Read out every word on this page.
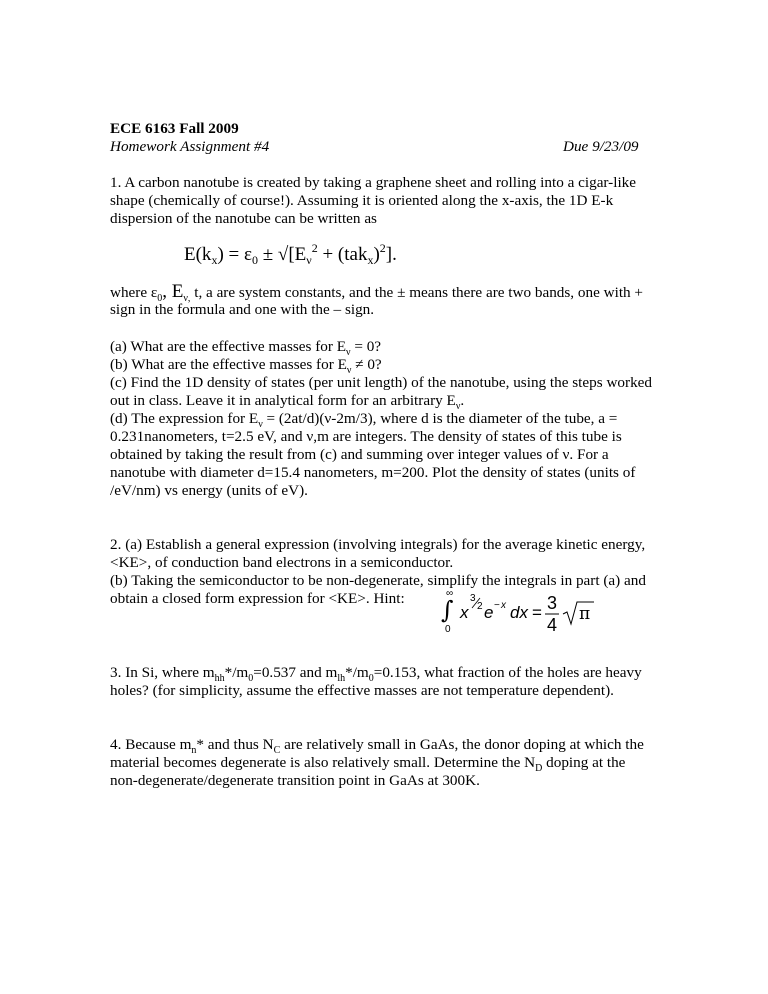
ECE 6163 Fall 2009

Homework Assignment #4	Due 9/23/09

1. A carbon nanotube is created by taking a graphene sheet and rolling into a cigar-like

shape (chemically of course!). Assuming it is oriented along the x-axis, the 1D E-k

dispersion of the nanotube can be written as

$E(k_x) = \varepsilon_0 \pm √[E_\nu^2 + (tak_x)^2]$.

where $\varepsilon_0$, $E_{\nu,}$ t, a are system constants, and the ± means there are two bands, one with +

sign in the formula and one with the – sign.

(a) What are the effective masses for $E_\nu = 0$?

(b) What are the effective masses for $E_\nu \ne 0$?

(c) Find the 1D density of states (per unit length) of the nanotube, using the steps worked

out in class. Leave it in analytical form for an arbitrary $E_\nu$.

(d) The expression for $E_\nu = (2at/d)(\nu-2m/3)$, where d is the diameter of the tube, a =

0.231nanometers, t=2.5 eV, and ν,m are integers. The density of states of this tube is

obtained by taking the result from (c) and summing over integer values of ν. For a

nanotube with diameter d=15.4 nanometers, m=200. Plot the density of states (units of

/eV/nm) vs energy (units of eV).

2. (a) Establish a general expression (involving integrals) for the average kinetic energy,

<KE>, of conduction band electrons in a semiconductor.

(b) Taking the semiconductor to be non-degenerate, simplify the integrals in part (a) and

obtain a closed form expression for <KE>. Hint:	∞
∫
0
x
3
2 e − x dx = 3
4
π

3. In Si, where $m_{hh}*/m_0=0.537$ and $m_{lh}*/m_0=0.153$, what fraction of the holes are heavy

holes? (for simplicity, assume the effective masses are not temperature dependent).

4. Because $m_n*$ and thus $N_C$ are relatively small in GaAs, the donor doping at which the

material becomes degenerate is also relatively small. Determine the $N_D$ doping at the

non-degenerate/degenerate transition point in GaAs at 300K.
